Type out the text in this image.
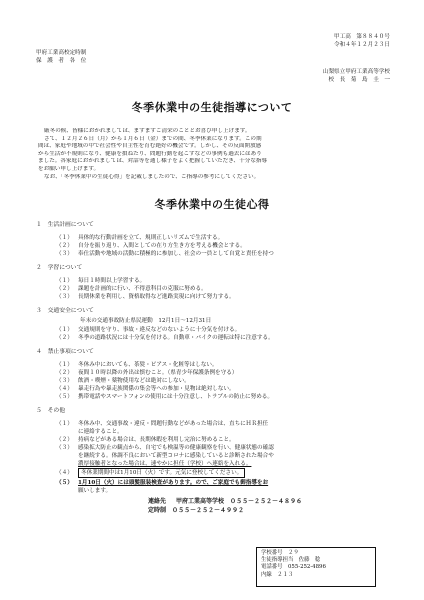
甲工高　第８８４０号
令和４年１２月２３日
甲府工業高校定時制
保　護　者　各　位
山梨県立甲府工業高等学校
校　長　菊　島　圭　一
冬季休業中の生徒指導について
厳冬の候、皆様におかれましては、ますますご清栄のこととお喜び申し上げます。
さて、１２月２６日（月）から１月６日（金）までの間、冬季休業になります。この期
間は、家庭や地域の中で社会性や自主性を育む絶好の機会です。しかし、その反面開放感
から生活が不規則になり、健康を損ねたり、問題行動を起こすなどの事例も過去にはあり
ました。各家庭におかれましては、対話等を通し様子をよく把握していただき、十分な指導
をお願い申し上げます。
なお、「冬季休業中の生徒心得」を記載しましたので、ご指導の参考にしてください。
冬季休業中の生徒心得
１　生活計画について
（１） 具体的な行動計画を立て、規則正しいリズムで生活する。
（２） 自分を振り返り、入間としての在り方生き方を考える機会とする。
（３） 奉仕活動や地域の活動に積極的に参加し、社会の一員として自覚と責任を持つ
２　学習について
（１） 毎日１時間以上学習する。
（２） 課題を計画的に行い、不得意科目の克服に努める。
（３） 長期休業を利用し、資格取得など進路実現に向けて努力する。
３　交通安全について
年末の交通事故防止県民運動　12月1日～12月31日
（１） 交通規則を守り、事故・違反などのないように十分気を付ける。
（２） 冬季の道路状況には十分気を付ける。自動車・バイクの運転は特に注意する。
４　禁止事項について
（１） 冬休み中においても、茶髪・ピアス・化粧等はしない。
（２） 夜間１０時以降の外出は慎むこと。（県青少年保護条例を守る）
（３） 飲酒・喫煙・薬物使用などは絶対にしない。
（４） 暴走行為や暴走族関係の集会等への参加・見物は絶対しない。
（５） 携帯電話やスマートフォンの使用には十分注意し、トラブルの防止に努める。
５　その他
（１） 冬休み中、交通事故・違反・問題行動などがあった場合は、直ちにＨＲ担任
に連絡すること。
（２） 持病などがある場合は、長期休暇を利用し完治に努めること。
（３） 感染拡大防止の観点から、自宅でも検温等の健康観察を行い、健康状態の確認
を継続する。体調不良において新型コロナに感染していると診断された場合や
濃厚接触者となった場合は、速やかに担任（学校）へ連絡を入れる。
（４） 冬休業期間中は1月10日（火）です。元気に登校してください。
（５） 1月10日（火）には頭髪服装検査があります。ので、ご家庭でも御指導をお
願いします。
連絡先 甲府工業高等学校　０５５－２５２－４８９６
定時制　０５５－２５２－４９９２
学校番号　２９
生徒指導担当　佐藤　稔
電話番号　055-252-4896
内線　２１３
